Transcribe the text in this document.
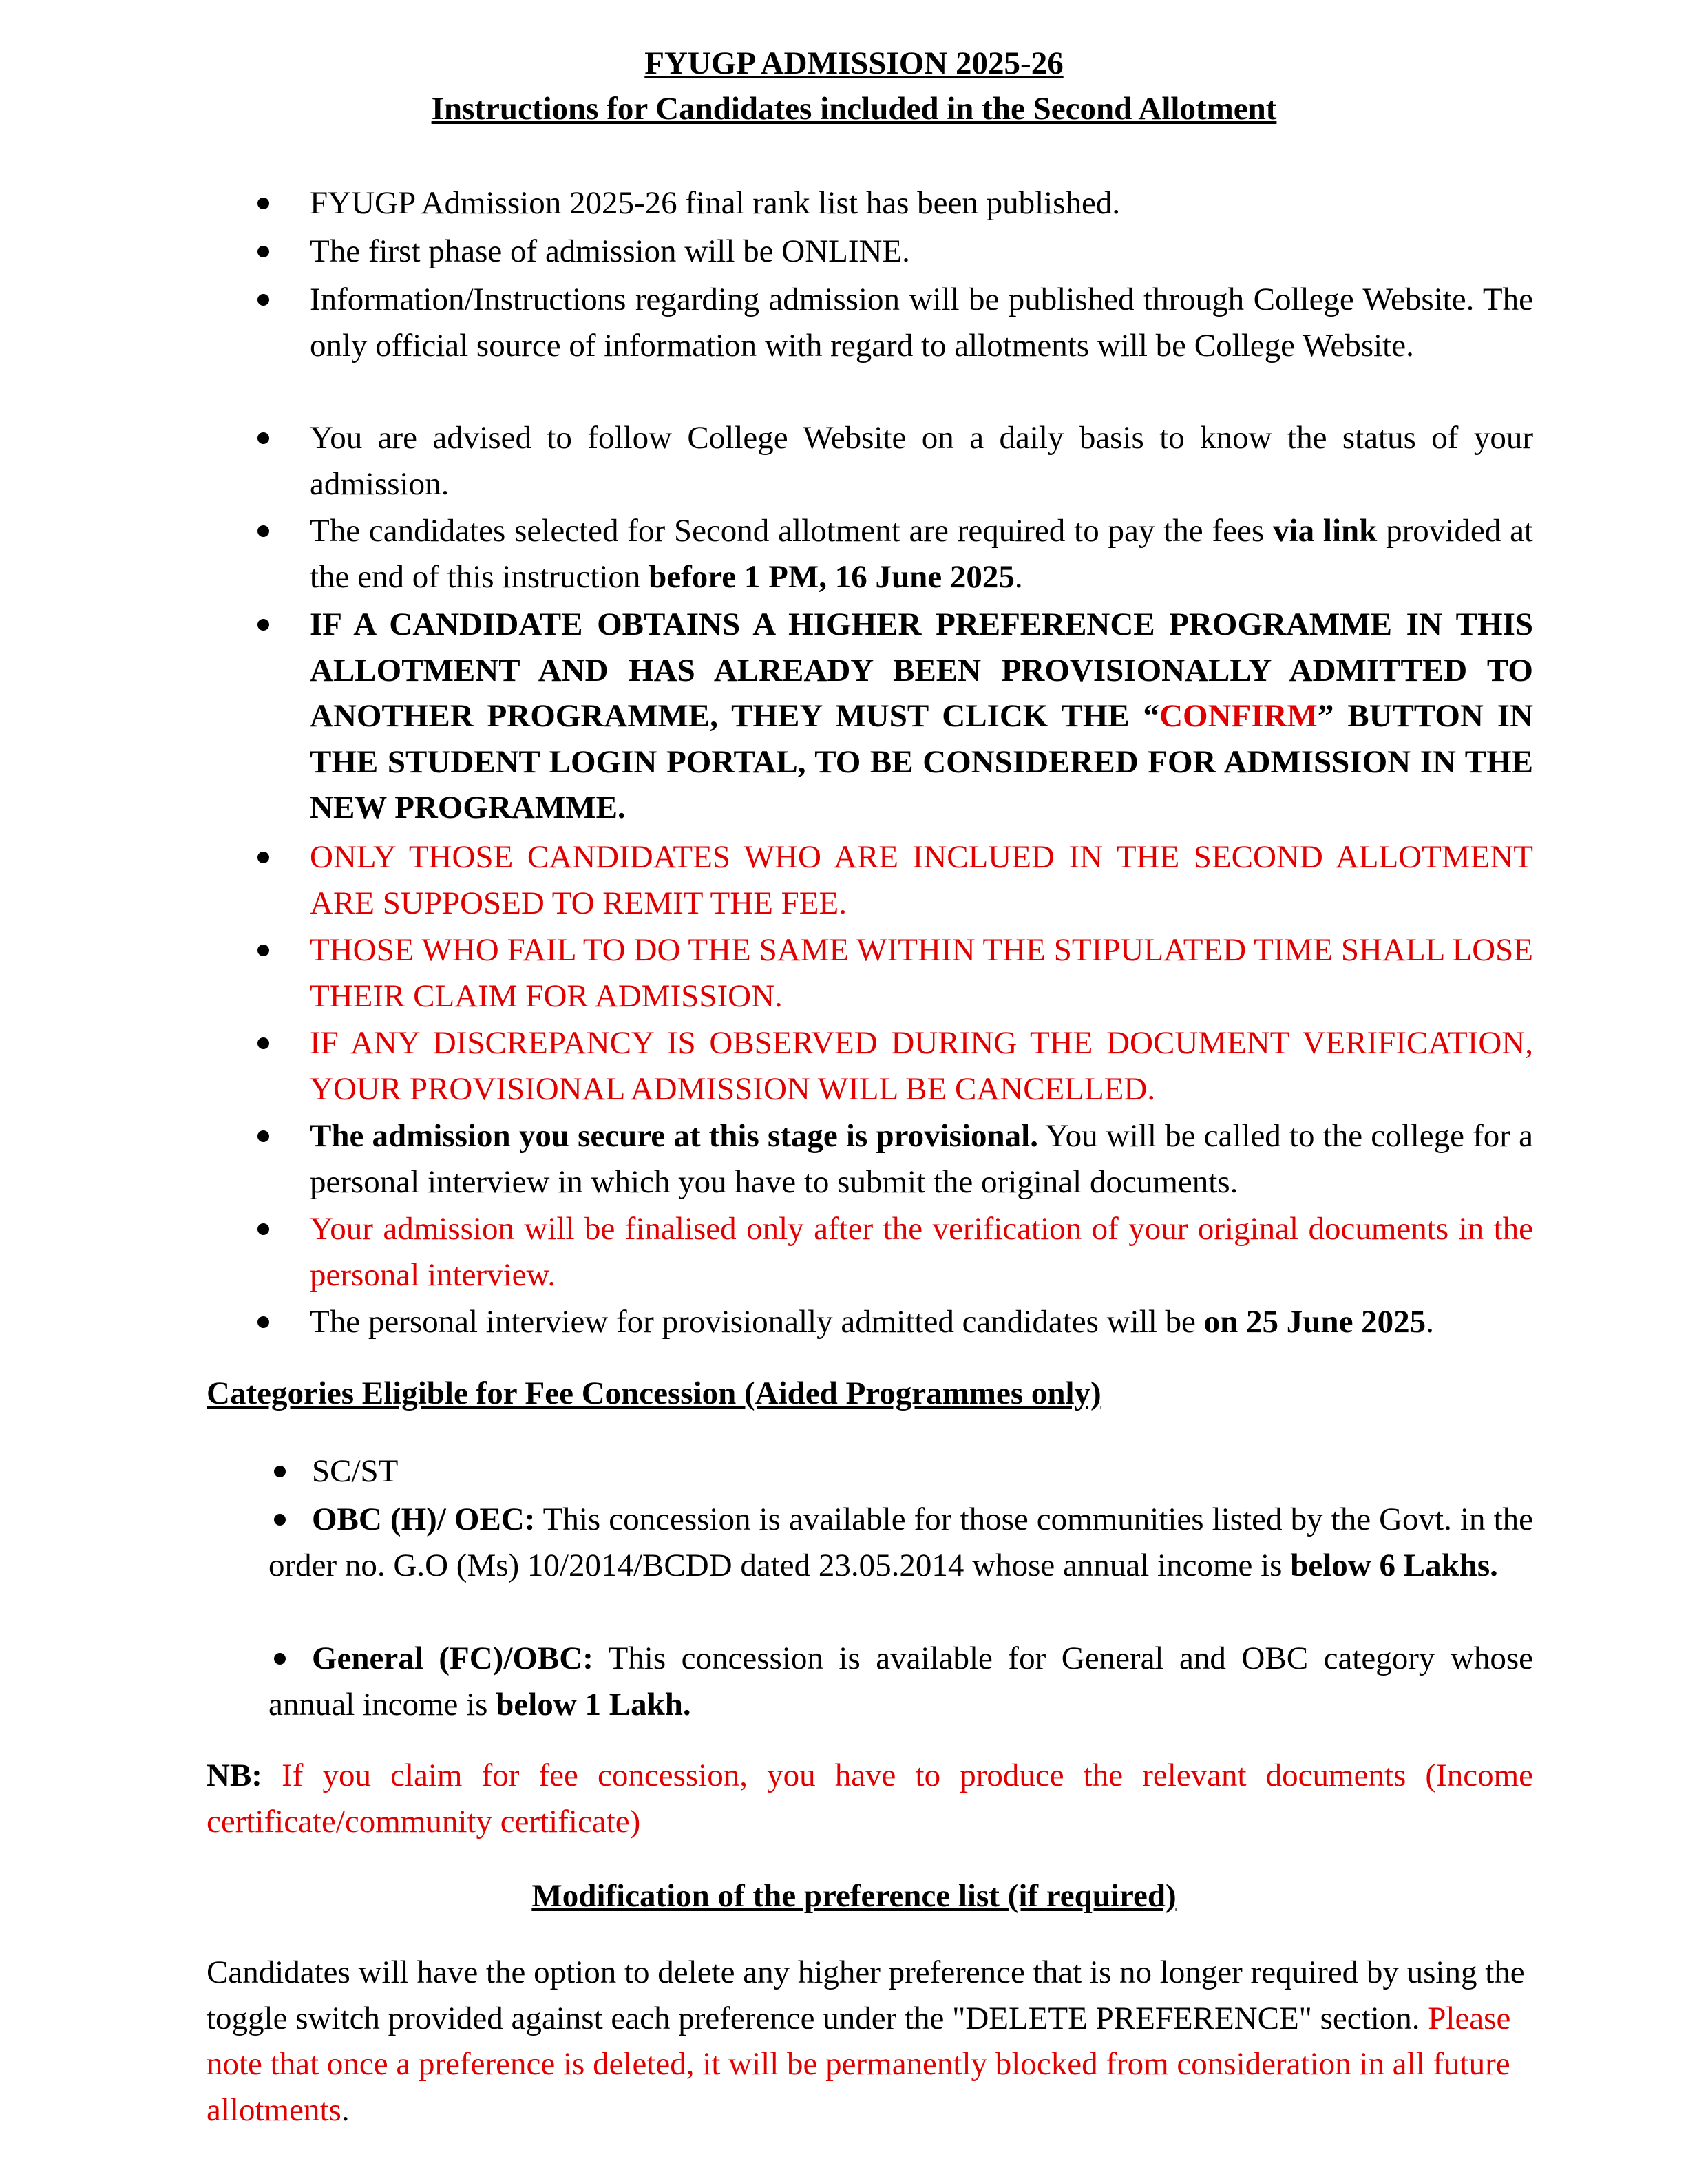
FYUGP ADMISSION 2025-26
Instructions for Candidates included in the Second Allotment
FYUGP Admission 2025-26 final rank list has been published.
The first phase of admission will be ONLINE.
Information/Instructions regarding admission will be published through College Website. The only official source of information with regard to allotments will be College Website.
You are advised to follow College Website on a daily basis to know the status of your admission.
The candidates selected for Second allotment are required to pay the fees via link provided at the end of this instruction before 1 PM, 16 June 2025.
IF A CANDIDATE OBTAINS A HIGHER PREFERENCE PROGRAMME IN THIS ALLOTMENT AND HAS ALREADY BEEN PROVISIONALLY ADMITTED TO ANOTHER PROGRAMME, THEY MUST CLICK THE “CONFIRM” BUTTON IN THE STUDENT LOGIN PORTAL, TO BE CONSIDERED FOR ADMISSION IN THE NEW PROGRAMME.
ONLY THOSE CANDIDATES WHO ARE INCLUED IN THE SECOND ALLOTMENT ARE SUPPOSED TO REMIT THE FEE.
THOSE WHO FAIL TO DO THE SAME WITHIN THE STIPULATED TIME SHALL LOSE THEIR CLAIM FOR ADMISSION.
IF ANY DISCREPANCY IS OBSERVED DURING THE DOCUMENT VERIFICATION, YOUR PROVISIONAL ADMISSION WILL BE CANCELLED.
The admission you secure at this stage is provisional. You will be called to the college for a personal interview in which you have to submit the original documents.
Your admission will be finalised only after the verification of your original documents in the personal interview.
The personal interview for provisionally admitted candidates will be on 25 June 2025.
Categories Eligible for Fee Concession (Aided Programmes only)
SC/ST
OBC (H)/ OEC: This concession is available for those communities listed by the Govt. in the order no. G.O (Ms) 10/2014/BCDD dated 23.05.2014 whose annual income is below 6 Lakhs.
General (FC)/OBC: This concession is available for General and OBC category whose annual income is below 1 Lakh.
NB: If you claim for fee concession, you have to produce the relevant documents (Income certificate/community certificate)
Modification of the preference list (if required)
Candidates will have the option to delete any higher preference that is no longer required by using the toggle switch provided against each preference under the "DELETE PREFERENCE" section. Please note that once a preference is deleted, it will be permanently blocked from consideration in all future allotments.
